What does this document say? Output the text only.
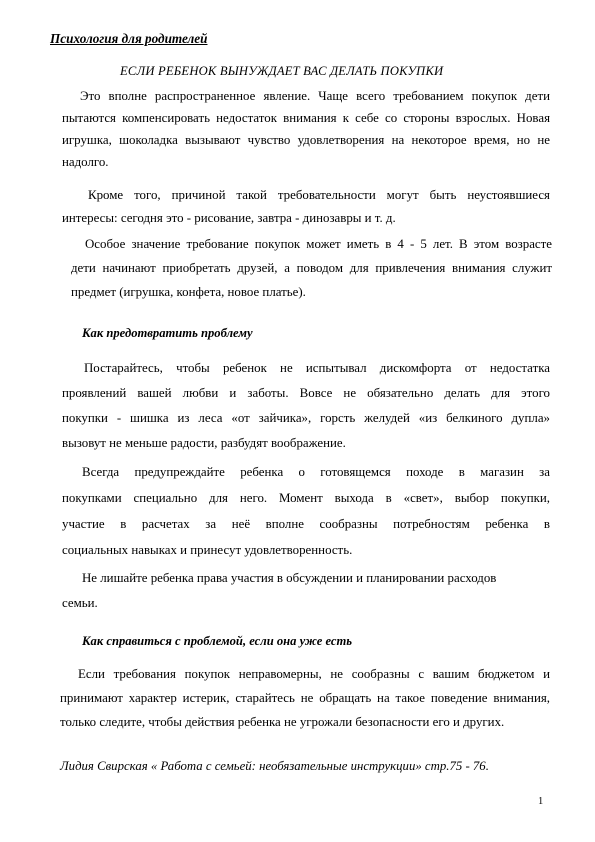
Психология для родителей
ЕСЛИ РЕБЕНОК ВЫНУЖДАЕТ ВАС ДЕЛАТЬ ПОКУПКИ
Это вполне распространенное явление. Чаще всего требованием покупок дети
пытаются компенсировать недостаток внимания к себе со стороны взрослых. Новая
игрушка, шоколадка вызывают чувство удовлетворения на некоторое время, но не
надолго.
Кроме того, причиной такой требовательности могут быть неустоявшиеся
интересы: сегодня это - рисование, завтра - динозавры и т. д.
Особое значение требование покупок может иметь в 4 - 5 лет. В этом возрасте
дети начинают приобретать друзей, а поводом для привлечения внимания служит
предмет (игрушка, конфета, новое платье).
Как предотвратить проблему
Постарайтесь, чтобы ребенок не испытывал дискомфорта от недостатка
проявлений вашей любви и заботы. Вовсе не обязательно делать для этого
покупки - шишка из леса «от зайчика», горсть желудей «из белкиного дупла»
вызовут не меньше радости, разбудят воображение.
Всегда предупреждайте ребенка о готовящемся походе в магазин за
покупками специально для него. Момент выхода в «свет», выбор покупки,
участие в расчетах за неё вполне сообразны потребностям ребенка в
социальных навыках и принесут удовлетворенность.
Не лишайте ребенка права участия в обсуждении и планировании расходов
семьи.
Как справиться с проблемой, если она уже есть
Если требования покупок неправомерны, не сообразны с вашим бюджетом и
принимают характер истерик, старайтесь не обращать на такое поведение внимания,
только следите, чтобы действия ребенка не угрожали безопасности его и других.
Лидия Свирская « Работа с семьей: необязательные инструкции» стр.75 - 76.
1
